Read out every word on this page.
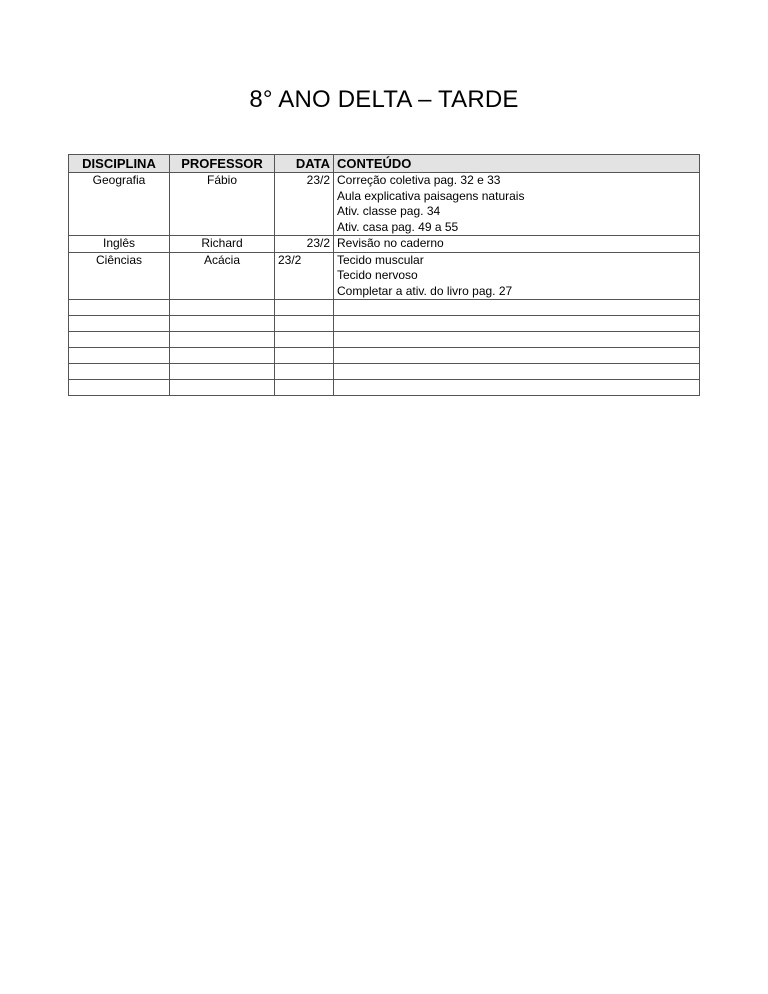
8° ANO DELTA – TARDE
DISCIPLINA	PROFESSOR	DATA	CONTEÚDO
Geografia	Fábio	23/2	Correção coletiva pag. 32 e 33
Aula explicativa paisagens naturais
Ativ. classe pag. 34
Ativ. casa pag. 49 a 55

Inglês	Richard	23/2	Revisão no caderno

Ciências	Acácia	23/2	Tecido muscular
Tecido nervoso
Completar a ativ. do livro pag. 27
